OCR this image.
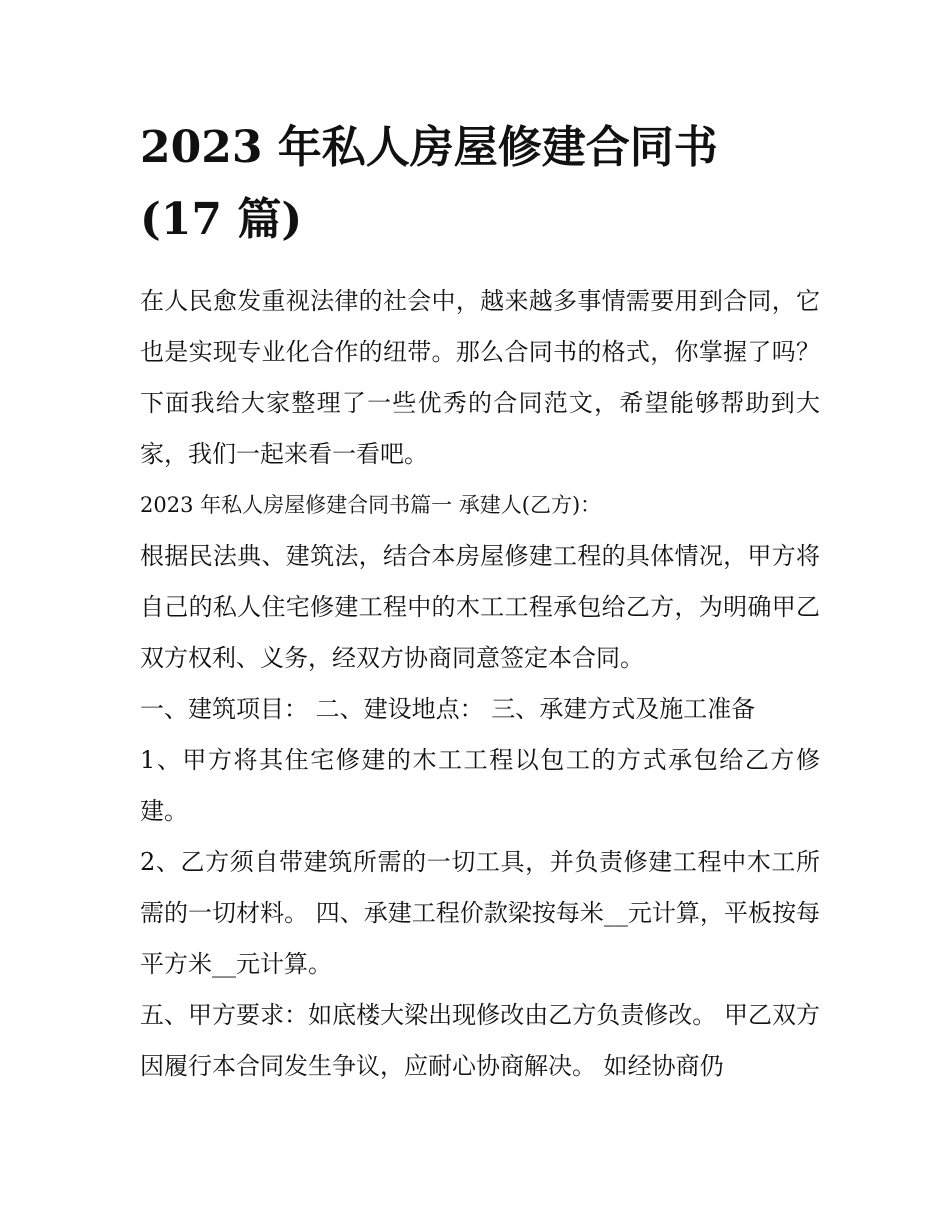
2023 年私人房屋修建合同书
(17 篇)

在人民愈发重视法律的社会中，越来越多事情需要用到合同，它也是实现专业化合作的纽带。那么合同书的格式，你掌握了吗？下面我给大家整理了一些优秀的合同范文，希望能够帮助到大家，我们一起来看一看吧。

2023 年私人房屋修建合同书篇一 承建人(乙方)：

根据民法典、建筑法，结合本房屋修建工程的具体情况，甲方将自己的私人住宅修建工程中的木工工程承包给乙方，为明确甲乙双方权利、义务，经双方协商同意签定本合同。

一、建筑项目： 二、建设地点： 三、承建方式及施工准备

1、甲方将其住宅修建的木工工程以包工的方式承包给乙方修建。

2、乙方须自带建筑所需的一切工具，并负责修建工程中木工所需的一切材料。 四、承建工程价款梁按每米__元计算，平板按每平方米__元计算。

五、甲方要求：如底楼大梁出现修改由乙方负责修改。 甲乙双方因履行本合同发生争议，应耐心协商解决。 如经协商仍
